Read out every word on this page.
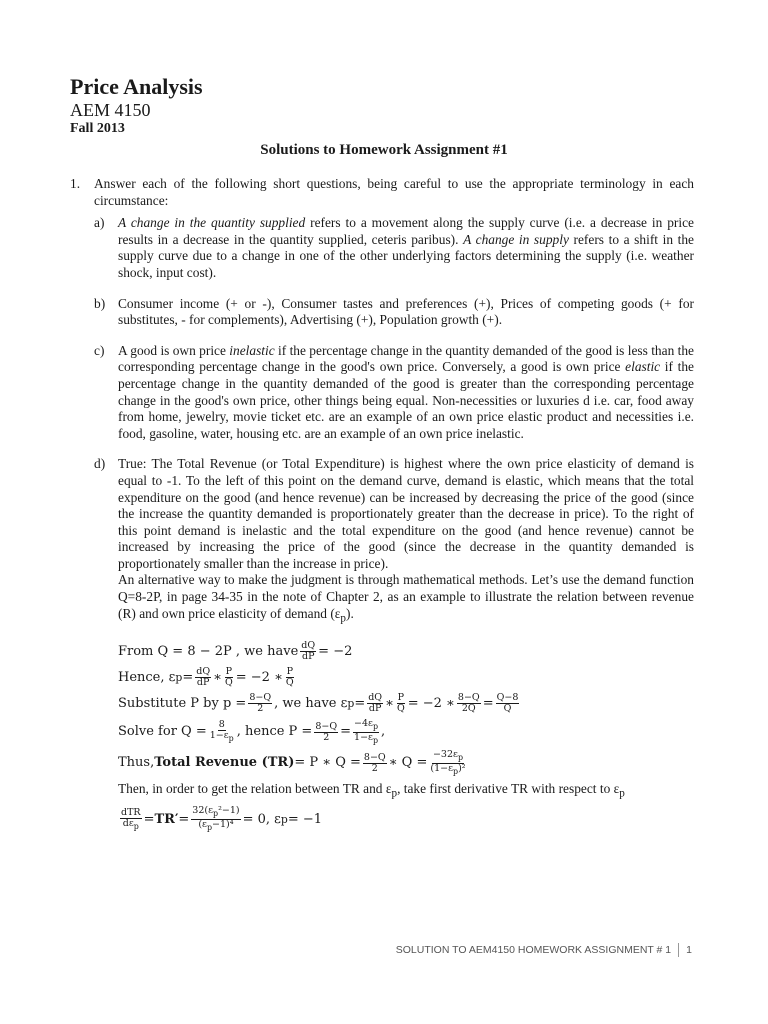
Price Analysis
AEM 4150
Fall 2013
Solutions to Homework Assignment #1
1.	Answer each of the following short questions, being careful to use the appropriate terminology in each circumstance:
a)	A change in the quantity supplied refers to a movement along the supply curve (i.e. a decrease in price results in a decrease in the quantity supplied, ceteris paribus). A change in supply refers to a shift in the supply curve due to a change in one of the other underlying factors determining the supply (i.e. weather shock, input cost).
b) Consumer income (+ or -), Consumer tastes and preferences (+), Prices of competing goods (+ for substitutes, - for complements), Advertising (+), Population growth (+).
c)	A good is own price inelastic if the percentage change in the quantity demanded of the good is less than the corresponding percentage change in the good's own price. Conversely, a good is own price elastic if the percentage change in the quantity demanded of the good is greater than the corresponding percentage change in the good's own price, other things being equal. Non-necessities or luxuries d i.e. car, food away from home, jewelry, movie ticket etc. are an example of an own price elastic product and necessities i.e. food, gasoline, water, housing etc. are an example of an own price inelastic.
d) True: The Total Revenue (or Total Expenditure) is highest where the own price elasticity of demand is equal to -1. To the left of this point on the demand curve, demand is elastic, which means that the total expenditure on the good (and hence revenue) can be increased by decreasing the price of the good (since the increase the quantity demanded is proportionately greater than the decrease in price). To the right of this point demand is inelastic and the total expenditure on the good (and hence revenue) cannot be increased by increasing the price of the good (since the decrease in the quantity demanded is proportionately smaller than the increase in price).
An alternative way to make the judgment is through mathematical methods. Let’s use the demand function Q=8-2P, in page 34-35 in the note of Chapter 2, as an example to illustrate the relation between revenue (R) and own price elasticity of demand $(\varepsilon_p)$.
From Q = 8 − 2P , we have $\frac{dQ}{dP} = -2$
Hence, ε $p = \frac{dQ}{dP}$ ∗ $\frac{P}{Q} = -2$ ∗ $\frac{P}{Q}$
Substitute P by $p = \frac{8-Q}{2}$ , we have ε $p = \frac{dQ}{dP}$ ∗ $\frac{P}{Q} = -2$ ∗ $\frac{8-Q}{2Q} = \frac{Q-8}{Q}$
Solve for $Q = \frac{8}{1-\varepsilon_p}$ , hence $P = \frac{8-Q}{2} = \frac{-4\varepsilon_p}{1-\varepsilon_p}$ ,
Thus, Total Revenue (TR) = P ∗ $Q = \frac{8-Q}{2}$ ∗ $Q = \frac{-32\varepsilon_p}{(1-\varepsilon_p)^2}$
Then, in order to get the relation between TR and $\varepsilon_p$, take first derivative TR with respect to $\varepsilon_p$
$\frac{\text{dTR}}{d\varepsilon_p} = TR' = \frac{32(\varepsilon_p^2-1)}{(\varepsilon_p-1)^4} = 0$, ε p = −1
SOLUTION TO AEM4150 HOMEWORK ASSIGNMENT # 1 1
